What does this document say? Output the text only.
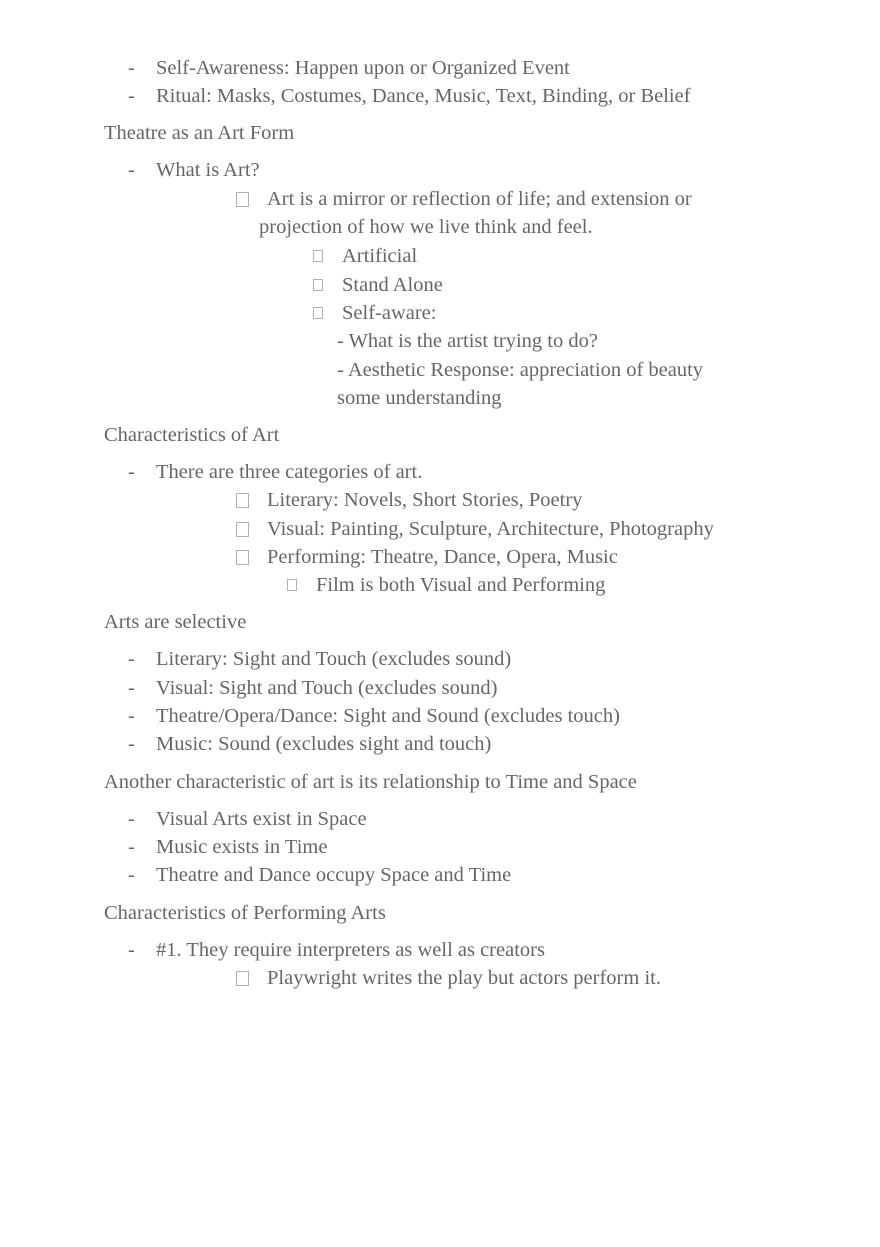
- Self-Awareness: Happen upon or Organized Event
- Ritual: Masks, Costumes, Dance, Music, Text, Binding, or Belief
Theatre as an Art Form
- What is Art?
Art is a mirror or reflection of life; and extension or
projection of how we live think and feel.
Artificial
Stand Alone
Self-aware:
- What is the artist trying to do?
- Aesthetic Response: appreciation of beauty
some understanding
Characteristics of Art
- There are three categories of art.
Literary: Novels, Short Stories, Poetry
Visual: Painting, Sculpture, Architecture, Photography
Performing: Theatre, Dance, Opera, Music
Film is both Visual and Performing
Arts are selective
- Literary: Sight and Touch (excludes sound)
- Visual: Sight and Touch (excludes sound)
- Theatre/Opera/Dance: Sight and Sound (excludes touch)
- Music: Sound (excludes sight and touch)
Another characteristic of art is its relationship to Time and Space
- Visual Arts exist in Space
- Music exists in Time
- Theatre and Dance occupy Space and Time
Characteristics of Performing Arts
- #1. They require interpreters as well as creators
Playwright writes the play but actors perform it.
